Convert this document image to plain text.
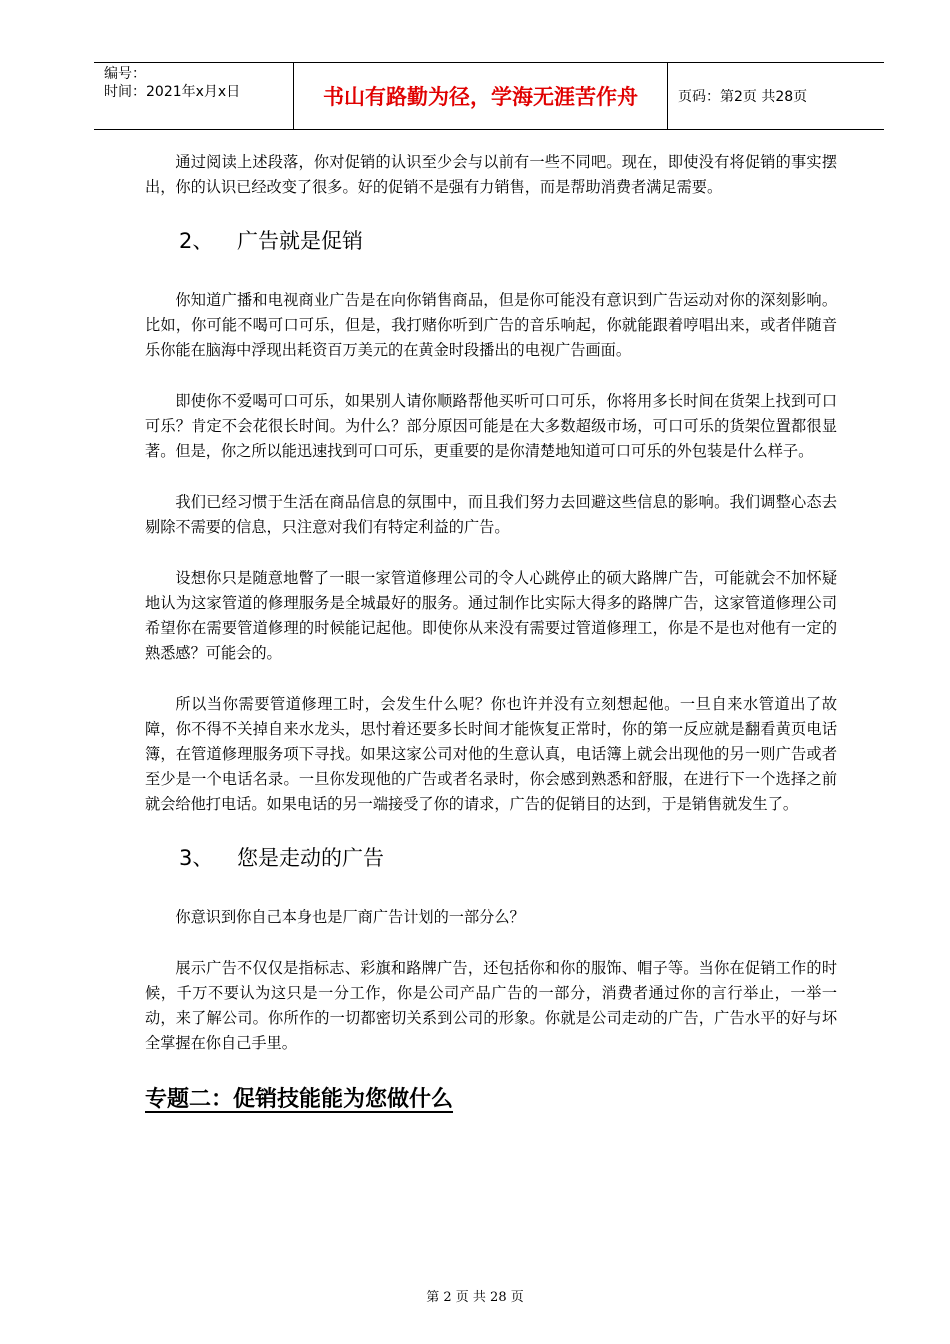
编号：
时间：2021年x月x日	书山有路勤为径，学海无涯苦作舟	页码：第2页 共28页

通过阅读上述段落，你对促销的认识至少会与以前有一些不同吧。现在，即使没有将促销的事实摆出，你的认识已经改变了很多。好的促销不是强有力销售，而是帮助消费者满足需要。

2、 广告就是促销

你知道广播和电视商业广告是在向你销售商品，但是你可能没有意识到广告运动对你的深刻影响。比如，你可能不喝可口可乐，但是，我打赌你听到广告的音乐响起，你就能跟着哼唱出来，或者伴随音乐你能在脑海中浮现出耗资百万美元的在黄金时段播出的电视广告画面。

即使你不爱喝可口可乐，如果别人请你顺路帮他买听可口可乐，你将用多长时间在货架上找到可口可乐？肯定不会花很长时间。为什么？部分原因可能是在大多数超级市场，可口可乐的货架位置都很显著。但是，你之所以能迅速找到可口可乐，更重要的是你清楚地知道可口可乐的外包装是什么样子。

我们已经习惯于生活在商品信息的氛围中，而且我们努力去回避这些信息的影响。我们调整心态去剔除不需要的信息，只注意对我们有特定利益的广告。

设想你只是随意地瞥了一眼一家管道修理公司的令人心跳停止的硕大路牌广告，可能就会不加怀疑地认为这家管道的修理服务是全城最好的服务。通过制作比实际大得多的路牌广告，这家管道修理公司希望你在需要管道修理的时候能记起他。即使你从来没有需要过管道修理工，你是不是也对他有一定的熟悉感？可能会的。

所以当你需要管道修理工时，会发生什么呢？你也许并没有立刻想起他。一旦自来水管道出了故障，你不得不关掉自来水龙头，思忖着还要多长时间才能恢复正常时，你的第一反应就是翻看黄页电话簿，在管道修理服务项下寻找。如果这家公司对他的生意认真，电话簿上就会出现他的另一则广告或者至少是一个电话名录。一旦你发现他的广告或者名录时，你会感到熟悉和舒服，在进行下一个选择之前就会给他打电话。如果电话的另一端接受了你的请求，广告的促销目的达到，于是销售就发生了。

3、 您是走动的广告

你意识到你自己本身也是厂商广告计划的一部分么？

展示广告不仅仅是指标志、彩旗和路牌广告，还包括你和你的服饰、帽子等。当你在促销工作的时候，千万不要认为这只是一分工作，你是公司产品广告的一部分，消费者通过你的言行举止，一举一动，来了解公司。你所作的一切都密切关系到公司的形象。你就是公司走动的广告，广告水平的好与坏全掌握在你自己手里。

专题二：促销技能能为您做什么
第 2 页 共 28 页
